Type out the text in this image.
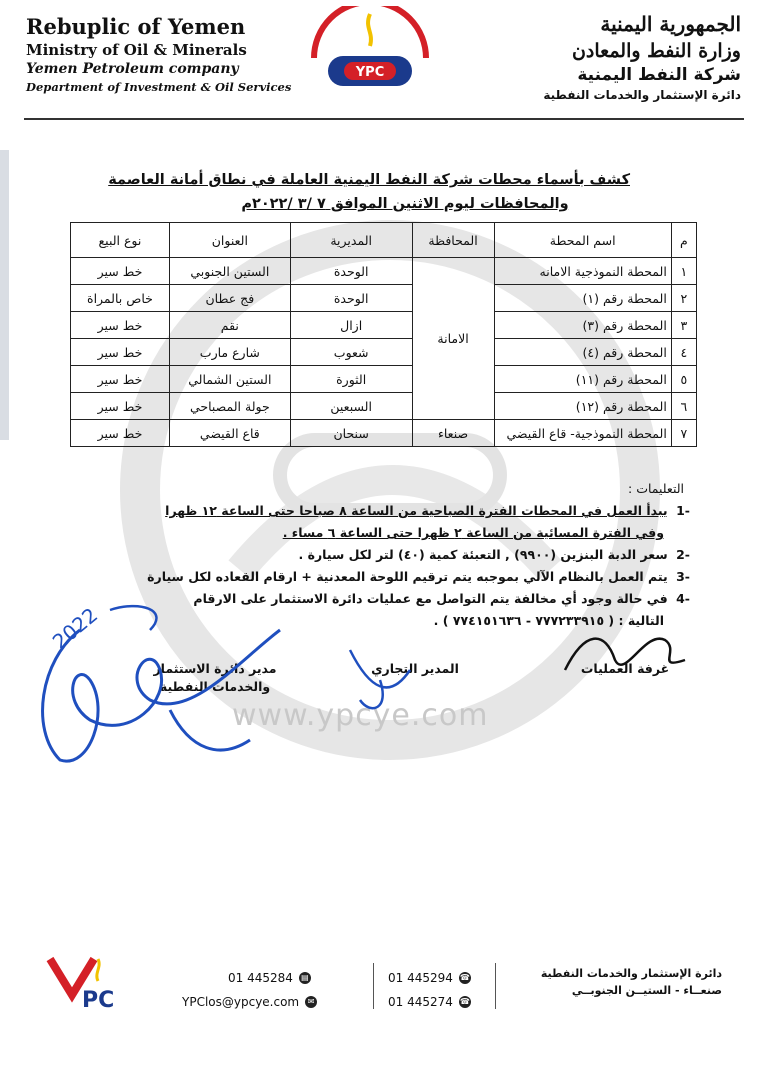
Rebuplic of Yemen
Ministry of Oil & Minerals
Yemen Petroleum company
Department of Investment & Oil Services
YPC
الجمهورية اليمنية
وزارة النفط والمعادن
شركة النفط اليمنية
دائرة الإستثمار والخدمات النفطية
كشف بأسماء محطات شركة النفط اليمنية العاملة في نطاق أمانة العاصمة
والمحافظات ليوم الاثنين الموافق ٧ /٣ /٢٠٢٢م
م	اسم المحطة	المحافظة	المديرية	العنوان	نوع البيع
١	المحطة النموذجية الامانه	الامانة	الوحدة	الستين الجنوبي	خط سير
٢	المحطة رقم (١)		الوحدة	فج عطان	خاص بالمراة
٣	المحطة رقم (٣)		ازال	نقم	خط سير
٤	المحطة رقم (٤)		شعوب	شارع مارب	خط سير
٥	المحطة رقم (١١)		الثورة	الستين الشمالي	خط سير
٦	المحطة رقم (١٢)		السبعين	جولة المصباحي	خط سير
٧	المحطة النموذجية- قاع القيضي	صنعاء	سنحان	قاع القيضي	خط سير
التعليمات :
-1 يبدأ العمل في المحطات الفترة الصباحية من الساعة ٨ صباحا حتى الساعة ١٢ ظهرا
وفي الفترة المسائية من الساعة ٢ ظهرا حتى الساعة ٦ مساء .
-2 سعر الدبة البنزين (٩٩٠٠) , التعبئة كمية (٤٠) لتر لكل سيارة .
-3 يتم العمل بالنظام الآلي بموجبه يتم ترقيم اللوحة المعدنية + ارقام القعاده لكل سيارة
-4 في حالة وجود أي مخالفة يتم التواصل مع عمليات دائرة الاستثمار على الارقام
التالية : ( ٧٧٧٢٣٣٩١٥ - ٧٧٤١٥١٦٣٦ ) .
www.ypcye.com
غرفة العمليات
المدير التجاري
مدير دائرة الاستثمار
والخدمات النفطية
2022
PC
01 445284 ▤
YPClos@ypcye.com	✉
01 445294 ☎
01 445274 ☎
دائرة الإستثمار والخدمات النفطية
صنعــاء - الستيــن الجنوبــي
